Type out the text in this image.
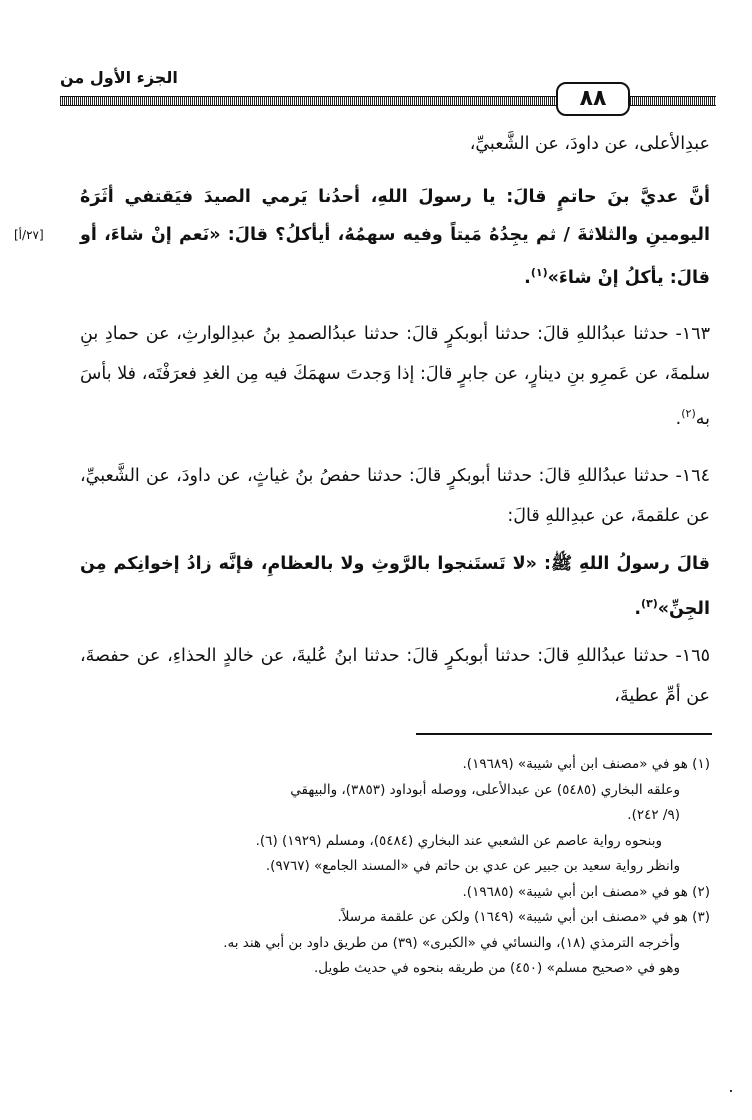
الجزء الأول من
٨٨
عبدِالأعلى، عن داودَ، عن الشَّعبيِّ،
أنَّ عديَّ بنَ حاتمٍ قالَ: يا رسولَ اللهِ، أحدُنا يَرمي الصيدَ فيَقتفي أثَرَهُ اليومينِ والثلاثةَ / ثم يجِدُهُ مَيتاً وفيه سهمُهُ، أيأكلُ؟ قالَ: «نَعم إنْ شاءَ، أو قالَ: يأكلُ إنْ شاءَ»$^{(١)}$.
[٢٧/أ]
١٦٣- حدثنا عبدُاللهِ قالَ: حدثنا أبوبكرٍ قالَ: حدثنا عبدُالصمدِ بنُ عبدِالوارثِ، عن حمادِ بنِ سلمةَ، عن عَمرِو بنِ دينارٍ، عن جابرٍ قالَ: إذا وَجدتَ سهمَكَ فيه مِن الغدِ فعرَفْتَه، فلا بأسَ به$^{(٢)}$.
١٦٤- حدثنا عبدُاللهِ قالَ: حدثنا أبوبكرٍ قالَ: حدثنا حفصُ بنُ غياثٍ، عن داودَ، عن الشَّعبيِّ، عن علقمةَ، عن عبدِاللهِ قالَ:
قالَ رسولُ اللهِ ﷺ: «لا تَستَنجوا بالرَّوثِ ولا بالعظامِ، فإنَّه زادُ إخوانِكم مِن الجِنِّ»$^{(٣)}$.
١٦٥- حدثنا عبدُاللهِ قالَ: حدثنا أبوبكرٍ قالَ: حدثنا ابنُ عُليةَ، عن خالدٍ الحذاءِ، عن حفصةَ، عن أمِّ عطيةَ،
(١) هو في «مصنف ابن أبي شيبة» (١٩٦٨٩).
وعلقه البخاري (٥٤٨٥) عن عبدالأعلى، ووصله أبوداود (٣٨٥٣)، والبيهقي
(٩/ ٢٤٢).
وبنحوه رواية عاصم عن الشعبي عند البخاري (٥٤٨٤)، ومسلم (١٩٢٩) (٦).
وانظر رواية سعيد بن جبير عن عدي بن حاتم في «المسند الجامع» (٩٧٦٧).
(٢) هو في «مصنف ابن أبي شيبة» (١٩٦٨٥).
(٣) هو في «مصنف ابن أبي شيبة» (١٦٤٩) ولكن عن علقمة مرسلاً.
وأخرجه الترمذي (١٨)، والنسائي في «الكبرى» (٣٩) من طريق داود بن أبي هند به.
وهو في «صحيح مسلم» (٤٥٠) من طريقه بنحوه في حديث طويل.
